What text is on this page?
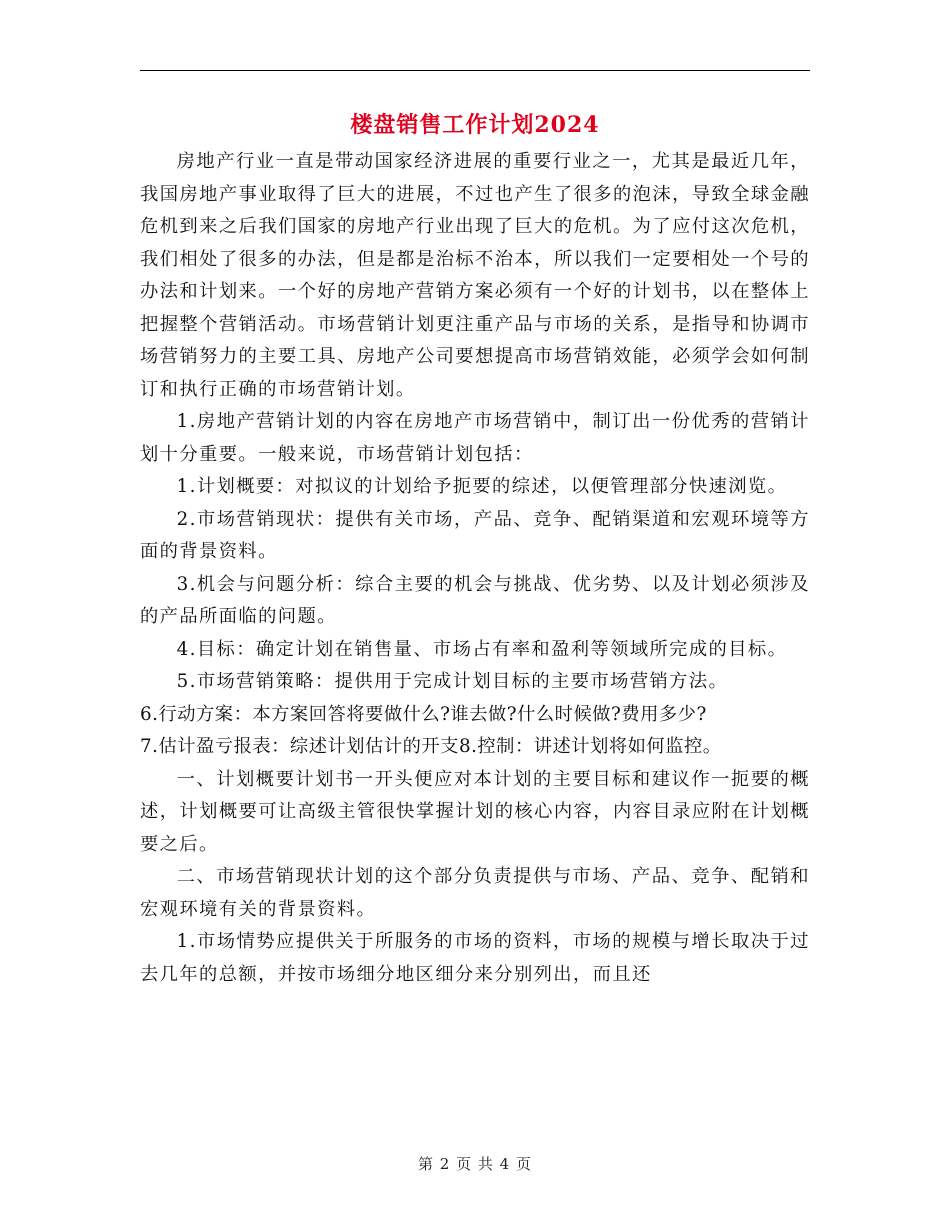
楼盘销售工作计划2024

房地产行业一直是带动国家经济进展的重要行业之一，尤其是最近几年，我国房地产事业取得了巨大的进展，不过也产生了很多的泡沫，导致全球金融危机到来之后我们国家的房地产行业出现了巨大的危机。为了应付这次危机，我们相处了很多的办法，但是都是治标不治本，所以我们一定要相处一个号的办法和计划来。一个好的房地产营销方案必须有一个好的计划书，以在整体上把握整个营销活动。市场营销计划更注重产品与市场的关系，是指导和协调市场营销努力的主要工具、房地产公司要想提高市场营销效能，必须学会如何制订和执行正确的市场营销计划。

1.房地产营销计划的内容在房地产市场营销中，制订出一份优秀的营销计划十分重要。一般来说，市场营销计划包括：

1.计划概要：对拟议的计划给予扼要的综述，以便管理部分快速浏览。

2.市场营销现状：提供有关市场，产品、竞争、配销渠道和宏观环境等方面的背景资料。

3.机会与问题分析：综合主要的机会与挑战、优劣势、以及计划必须涉及的产品所面临的问题。

4.目标：确定计划在销售量、市场占有率和盈利等领域所完成的目标。

5.市场营销策略：提供用于完成计划目标的主要市场营销方法。

6.行动方案：本方案回答将要做什么?谁去做?什么时候做?费用多少?

7.估计盈亏报表：综述计划估计的开支8.控制：讲述计划将如何监控。

一、计划概要计划书一开头便应对本计划的主要目标和建议作一扼要的概述，计划概要可让高级主管很快掌握计划的核心内容，内容目录应附在计划概要之后。

二、市场营销现状计划的这个部分负责提供与市场、产品、竞争、配销和宏观环境有关的背景资料。

1.市场情势应提供关于所服务的市场的资料，市场的规模与增长取决于过去几年的总额，并按市场细分地区细分来分别列出，而且还

第 2 页 共 4 页
